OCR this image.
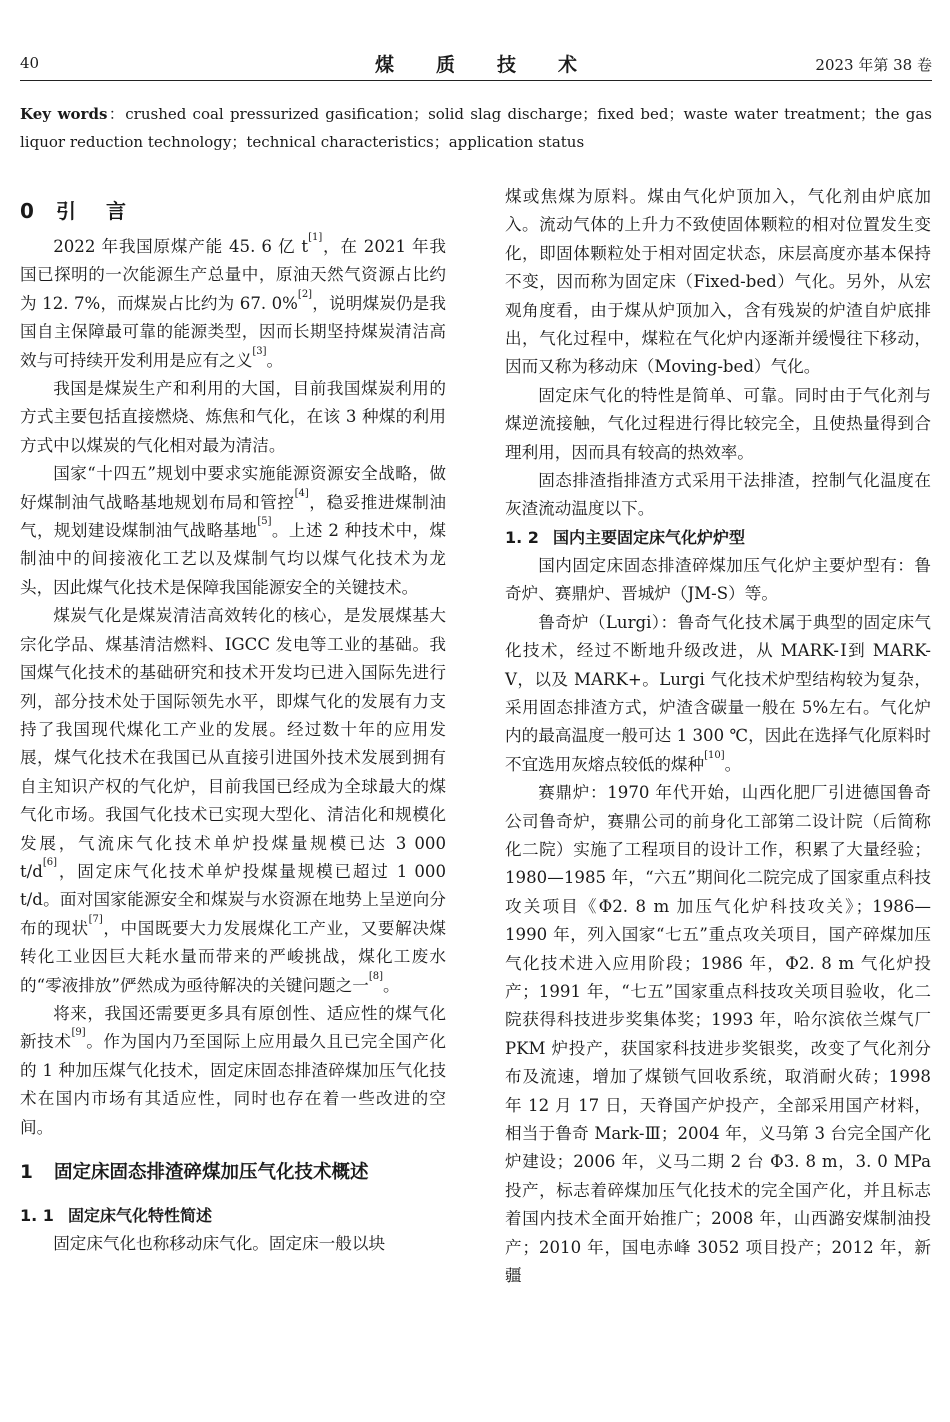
40	煤质技术	2023 年第 38 卷
Key words：crushed coal pressurized gasification；solid slag discharge；fixed bed；waste water treatment；the gas liquor reduction technology；technical characteristics；application status
0 引言

2022 年我国原煤产能 45. 6 亿 t[1]，在 2021 年我国已探明的一次能源生产总量中，原油天然气资源占比约为 12. 7%，而煤炭占比约为 67. 0%[2]，说明煤炭仍是我国自主保障最可靠的能源类型，因而长期坚持煤炭清洁高效与可持续开发利用是应有之义[3]。

我国是煤炭生产和利用的大国，目前我国煤炭利用的方式主要包括直接燃烧、炼焦和气化，在该 3 种煤的利用方式中以煤炭的气化相对最为清洁。

国家“十四五”规划中要求实施能源资源安全战略，做好煤制油气战略基地规划布局和管控[4]，稳妥推进煤制油气，规划建设煤制油气战略基地[5]。上述 2 种技术中，煤制油中的间接液化工艺以及煤制气均以煤气化技术为龙头，因此煤气化技术是保障我国能源安全的关键技术。

煤炭气化是煤炭清洁高效转化的核心，是发展煤基大宗化学品、煤基清洁燃料、IGCC 发电等工业的基础。我国煤气化技术的基础研究和技术开发均已进入国际先进行列，部分技术处于国际领先水平，即煤气化的发展有力支持了我国现代煤化工产业的发展。经过数十年的应用发展，煤气化技术在我国已从直接引进国外技术发展到拥有自主知识产权的气化炉，目前我国已经成为全球最大的煤气化市场。我国气化技术已实现大型化、清洁化和规模化发展，气流床气化技术单炉投煤量规模已达 3 000 t/d[6]，固定床气化技术单炉投煤量规模已超过 1 000 t/d。面对国家能源安全和煤炭与水资源在地势上呈逆向分布的现状[7]，中国既要大力发展煤化工产业，又要解决煤转化工业因巨大耗水量而带来的严峻挑战，煤化工废水的“零液排放”俨然成为亟待解决的关键问题之一[8]。

将来，我国还需要更多具有原创性、适应性的煤气化新技术[9]。作为国内乃至国际上应用最久且已完全国产化的 1 种加压煤气化技术，固定床固态排渣碎煤加压气化技术在国内市场有其适应性，同时也存在着一些改进的空间。

1 固定床固态排渣碎煤加压气化技术概述
1. 1 固定床气化特性简述

固定床气化也称移动床气化。固定床一般以块

煤或焦煤为原料。煤由气化炉顶加入，气化剂由炉底加入。流动气体的上升力不致使固体颗粒的相对位置发生变化，即固体颗粒处于相对固定状态，床层高度亦基本保持不变，因而称为固定床（Fixed-bed）气化。另外，从宏观角度看，由于煤从炉顶加入，含有残炭的炉渣自炉底排出，气化过程中，煤粒在气化炉内逐渐并缓慢往下移动，因而又称为移动床（Moving-bed）气化。

固定床气化的特性是简单、可靠。同时由于气化剂与煤逆流接触，气化过程进行得比较完全，且使热量得到合理利用，因而具有较高的热效率。

固态排渣指排渣方式采用干法排渣，控制气化温度在灰渣流动温度以下。

1. 2 国内主要固定床气化炉炉型

国内固定床固态排渣碎煤加压气化炉主要炉型有：鲁奇炉、赛鼎炉、晋城炉（JM-S）等。

鲁奇炉（Lurgi）：鲁奇气化技术属于典型的固定床气化技术，经过不断地升级改进，从 MARK-Ⅰ到 MARK-Ⅴ，以及 MARK+。Lurgi 气化技术炉型结构较为复杂，采用固态排渣方式，炉渣含碳量一般在 5%左右。气化炉内的最高温度一般可达 1 300 ℃，因此在选择气化原料时不宜选用灰熔点较低的煤种[10]。

赛鼎炉：1970 年代开始，山西化肥厂引进德国鲁奇公司鲁奇炉，赛鼎公司的前身化工部第二设计院（后简称化二院）实施了工程项目的设计工作，积累了大量经验；1980—1985 年，“六五”期间化二院完成了国家重点科技攻关项目《Φ2. 8 m 加压气化炉科技攻关》；1986—1990 年，列入国家“七五”重点攻关项目，国产碎煤加压气化技术进入应用阶段；1986 年，Φ2. 8 m 气化炉投产；1991 年，“七五”国家重点科技攻关项目验收，化二院获得科技进步奖集体奖；1993 年，哈尔滨依兰煤气厂 PKM 炉投产，获国家科技进步奖银奖，改变了气化剂分布及流速，增加了煤锁气回收系统，取消耐火砖；1998 年 12 月 17 日，天脊国产炉投产，全部采用国产材料，相当于鲁奇 Mark-Ⅲ；2004 年，义马第 3 台完全国产化炉建设；2006 年，义马二期 2 台 Φ3. 8 m，3. 0 MPa 投产，标志着碎煤加压气化技术的完全国产化，并且标志着国内技术全面开始推广；2008 年，山西潞安煤制油投产；2010 年，国电赤峰 3052 项目投产；2012 年，新疆
